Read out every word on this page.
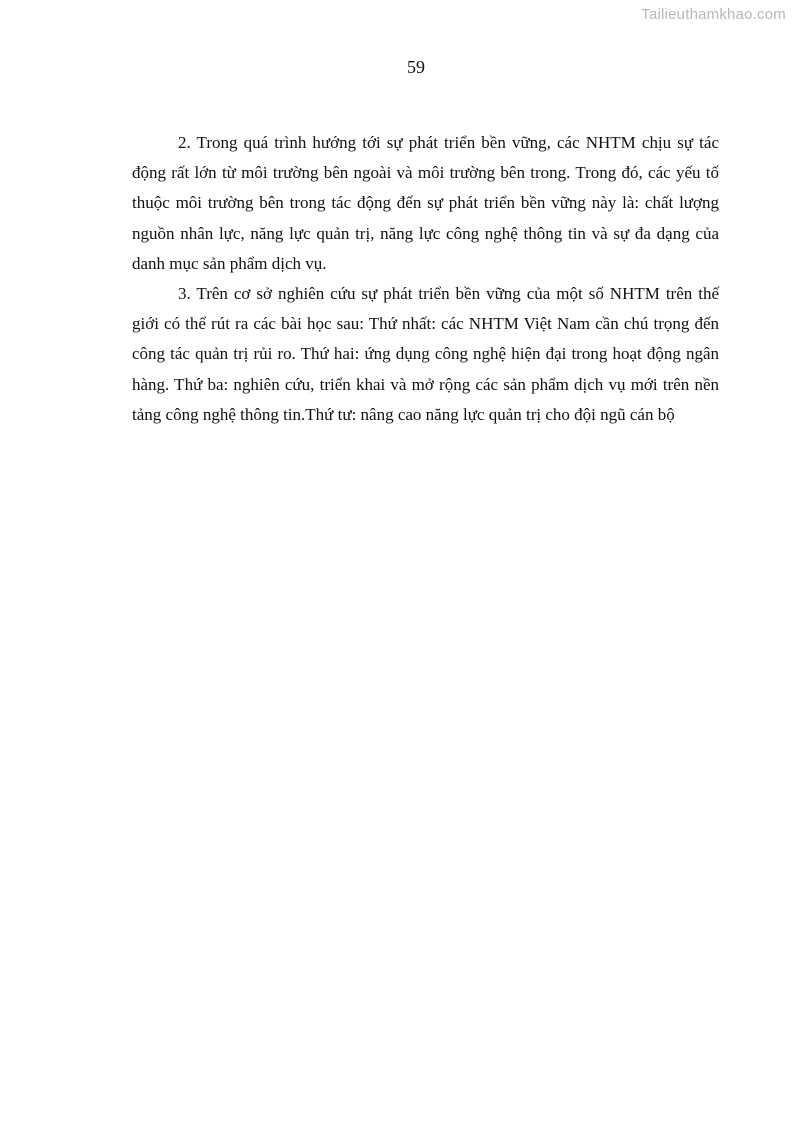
Tailieuthamkhao.com
59

2. Trong quá trình hướng tới sự phát triển bền vững, các NHTM chịu sự tác động rất lớn từ môi trường bên ngoài và môi trường bên trong. Trong đó, các yếu tố thuộc môi trường bên trong tác động đến sự phát triển bền vững này là: chất lượng nguồn nhân lực, năng lực quản trị, năng lực công nghệ thông tin và sự đa dạng của danh mục sản phẩm dịch vụ.

3. Trên cơ sở nghiên cứu sự phát triển bền vững của một số NHTM trên thế giới có thể rút ra các bài học sau: Thứ nhất: các NHTM Việt Nam cần chú trọng đến công tác quản trị rủi ro. Thứ hai: ứng dụng công nghệ hiện đại trong hoạt động ngân hàng. Thứ ba: nghiên cứu, triển khai và mở rộng các sản phẩm dịch vụ mới trên nền tảng công nghệ thông tin.Thứ tư: nâng cao năng lực quản trị cho đội ngũ cán bộ
